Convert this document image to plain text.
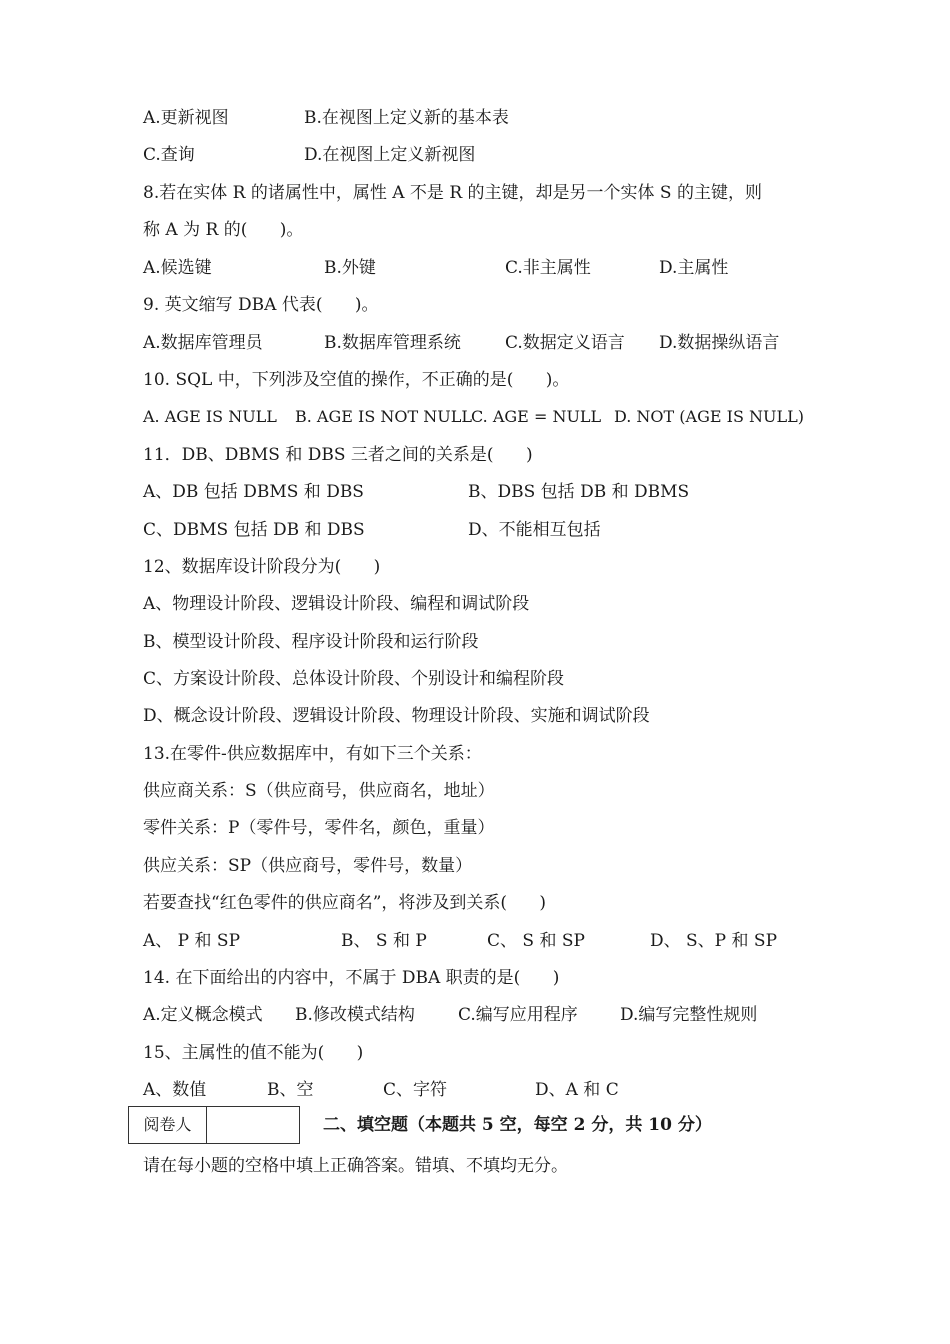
A.更新视图

	B.在视图上定义新的基本表

C.查询

	D.在视图上定义新视图

8.若在实体 R 的诸属性中，属性 A 不是 R 的主键，却是另一个实体 S 的主键，则
称 A 为 R 的(      )。

A.候选键

	B.外键

	C.非主属性

	D.主属性

9. 英文缩写 DBA 代表(      )。

A.数据库管理员

	B.数据库管理系统

	C.数据定义语言

D.数据操纵语言

10. SQL 中，下列涉及空值的操作，不正确的是(      )。

A. AGE IS NULL

B. AGE IS NOT NULL

C. AGE = NULL

D. NOT (AGE IS NULL)

11．DB、DBMS 和 DBS 三者之间的关系是(      )

A、DB 包括 DBMS 和 DBS

	B、DBS 包括 DB 和 DBMS

C、DBMS 包括 DB 和 DBS

	D、不能相互包括

12、数据库设计阶段分为(      )
A、物理设计阶段、逻辑设计阶段、编程和调试阶段
B、模型设计阶段、程序设计阶段和运行阶段
C、方案设计阶段、总体设计阶段、个别设计和编程阶段
D、概念设计阶段、逻辑设计阶段、物理设计阶段、实施和调试阶段
13.在零件-供应数据库中，有如下三个关系：
供应商关系：S（供应商号，供应商名，地址）
零件关系：P（零件号，零件名，颜色，重量）
供应关系：SP（供应商号，零件号，数量）
若要查找“红色零件的供应商名”，将涉及到关系(      )

A、 P 和 SP

	B、 S 和 P

	C、 S 和 SP

	D、 S、P 和 SP

14. 在下面给出的内容中，不属于 DBA 职责的是(      )

A.定义概念模式

B.修改模式结构

	C.编写应用程序

D.编写完整性规则

15、主属性的值不能为(      )

A、数值

	B、空

	C、字符

	D、A 和 C

阅卷人	二、填空题（本题共 5 空，每空 2 分，共 10 分）
请在每小题的空格中填上正确答案。错填、不填均无分。
